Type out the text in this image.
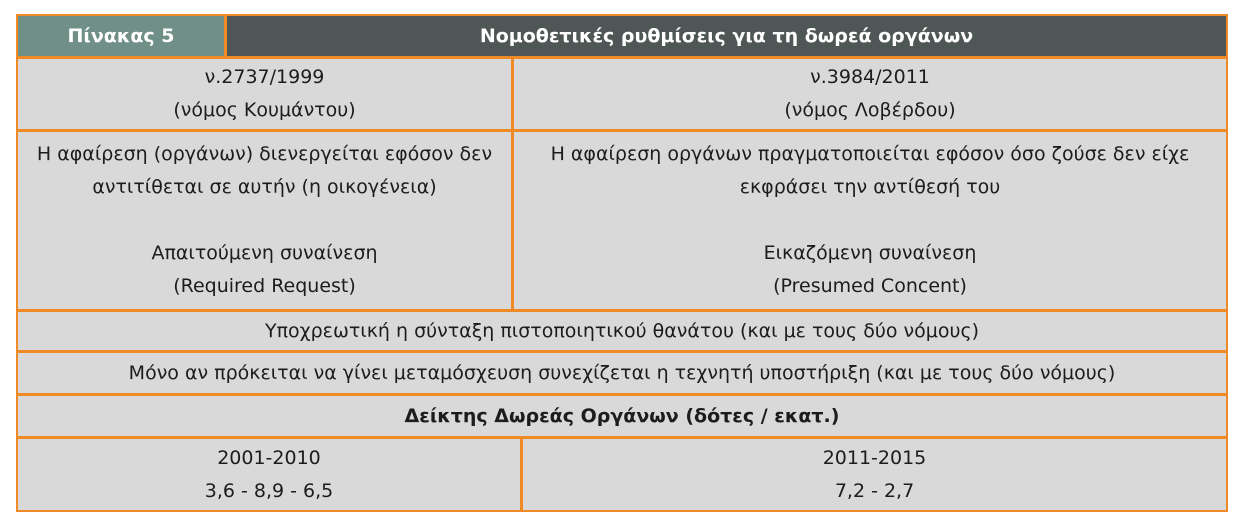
Πίνακας 5	Νομοθετικές ρυθμίσεις για τη δωρεά οργάνων
ν.2737/1999
(νόμος Κουμάντου)
ν.3984/2011
(νόμος Λοβέρδου)
Η αφαίρεση (οργάνων) διενεργείται εφόσον δεν
αντιτίθεται σε αυτήν (η οικογένεια)
Απαιτούμενη συναίνεση
(Required Request)
Η αφαίρεση οργάνων πραγματοποιείται εφόσον όσο ζούσε δεν είχε
εκφράσει την αντίθεσή του
Εικαζόμενη συναίνεση
(Presumed Concent)
Υποχρεωτική η σύνταξη πιστοποιητικού θανάτου (και με τους δύο νόμους)
Μόνο αν πρόκειται να γίνει μεταμόσχευση συνεχίζεται η τεχνητή υποστήριξη (και με τους δύο νόμους)
Δείκτης Δωρεάς Οργάνων (δότες / εκατ.)
2001-2010
3,6 - 8,9 - 6,5
2011-2015
7,2 - 2,7
